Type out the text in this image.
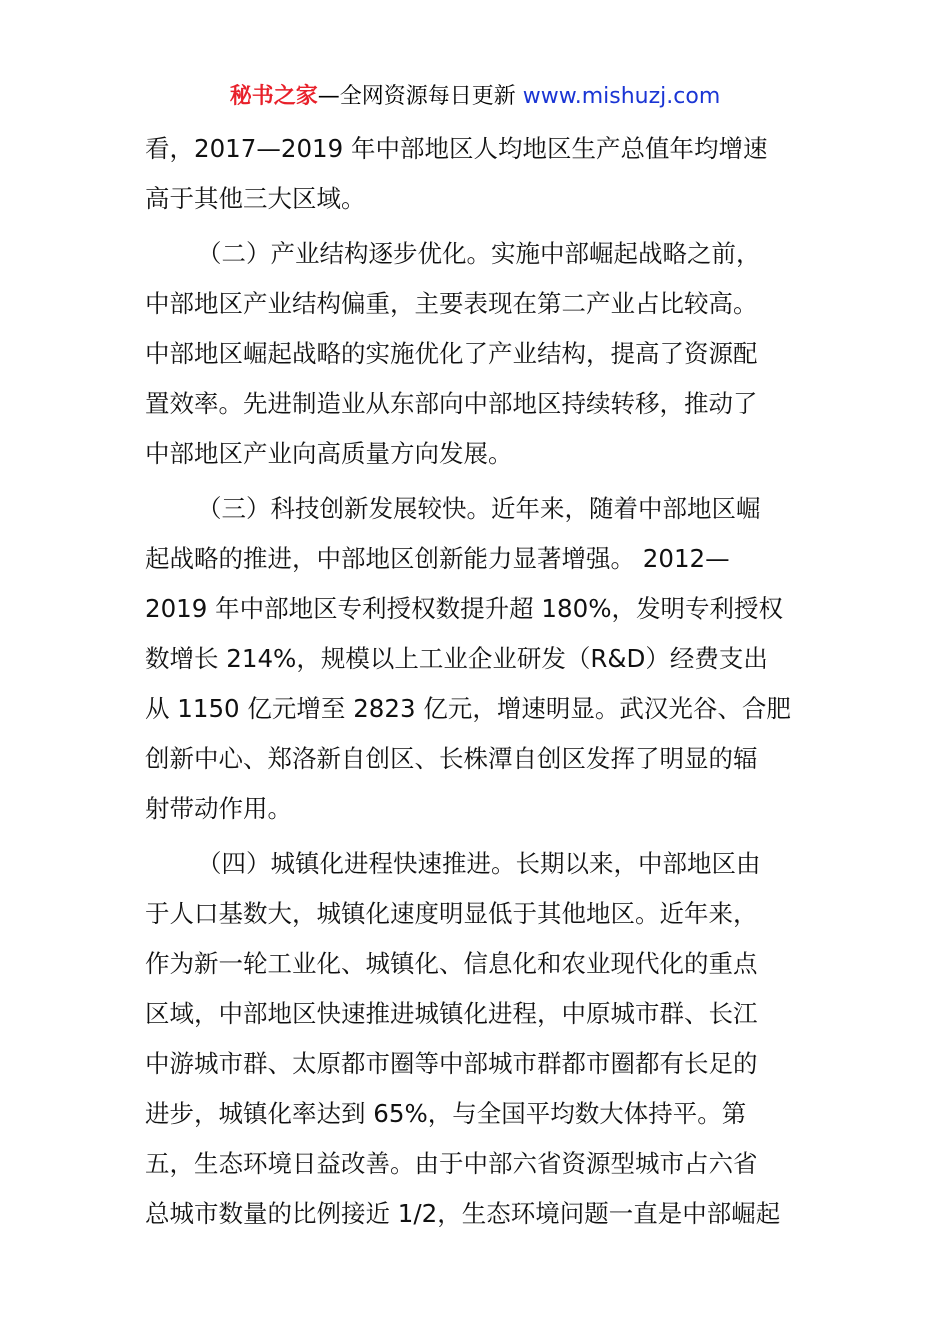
秘书之家—全网资源每日更新 www.mishuzj.com
看，2017—2019 年中部地区人均地区生产总值年均增速
高于其他三大区域。
（二）产业结构逐步优化。实施中部崛起战略之前，
中部地区产业结构偏重，主要表现在第二产业占比较高。
中部地区崛起战略的实施优化了产业结构，提高了资源配
置效率。先进制造业从东部向中部地区持续转移，推动了
中部地区产业向高质量方向发展。
（三）科技创新发展较快。近年来，随着中部地区崛
起战略的推进，中部地区创新能力显著增强。 2012—
2019 年中部地区专利授权数提升超 180%，发明专利授权
数增长 214%，规模以上工业企业研发（R&D）经费支出
从 1150 亿元增至 2823 亿元，增速明显。武汉光谷、合肥
创新中心、郑洛新自创区、长株潭自创区发挥了明显的辐
射带动作用。
（四）城镇化进程快速推进。长期以来，中部地区由
于人口基数大，城镇化速度明显低于其他地区。近年来，
作为新一轮工业化、城镇化、信息化和农业现代化的重点
区域，中部地区快速推进城镇化进程，中原城市群、长江
中游城市群、太原都市圈等中部城市群都市圈都有长足的
进步，城镇化率达到 65%，与全国平均数大体持平。第
五，生态环境日益改善。由于中部六省资源型城市占六省
总城市数量的比例接近 1/2，生态环境问题一直是中部崛起
